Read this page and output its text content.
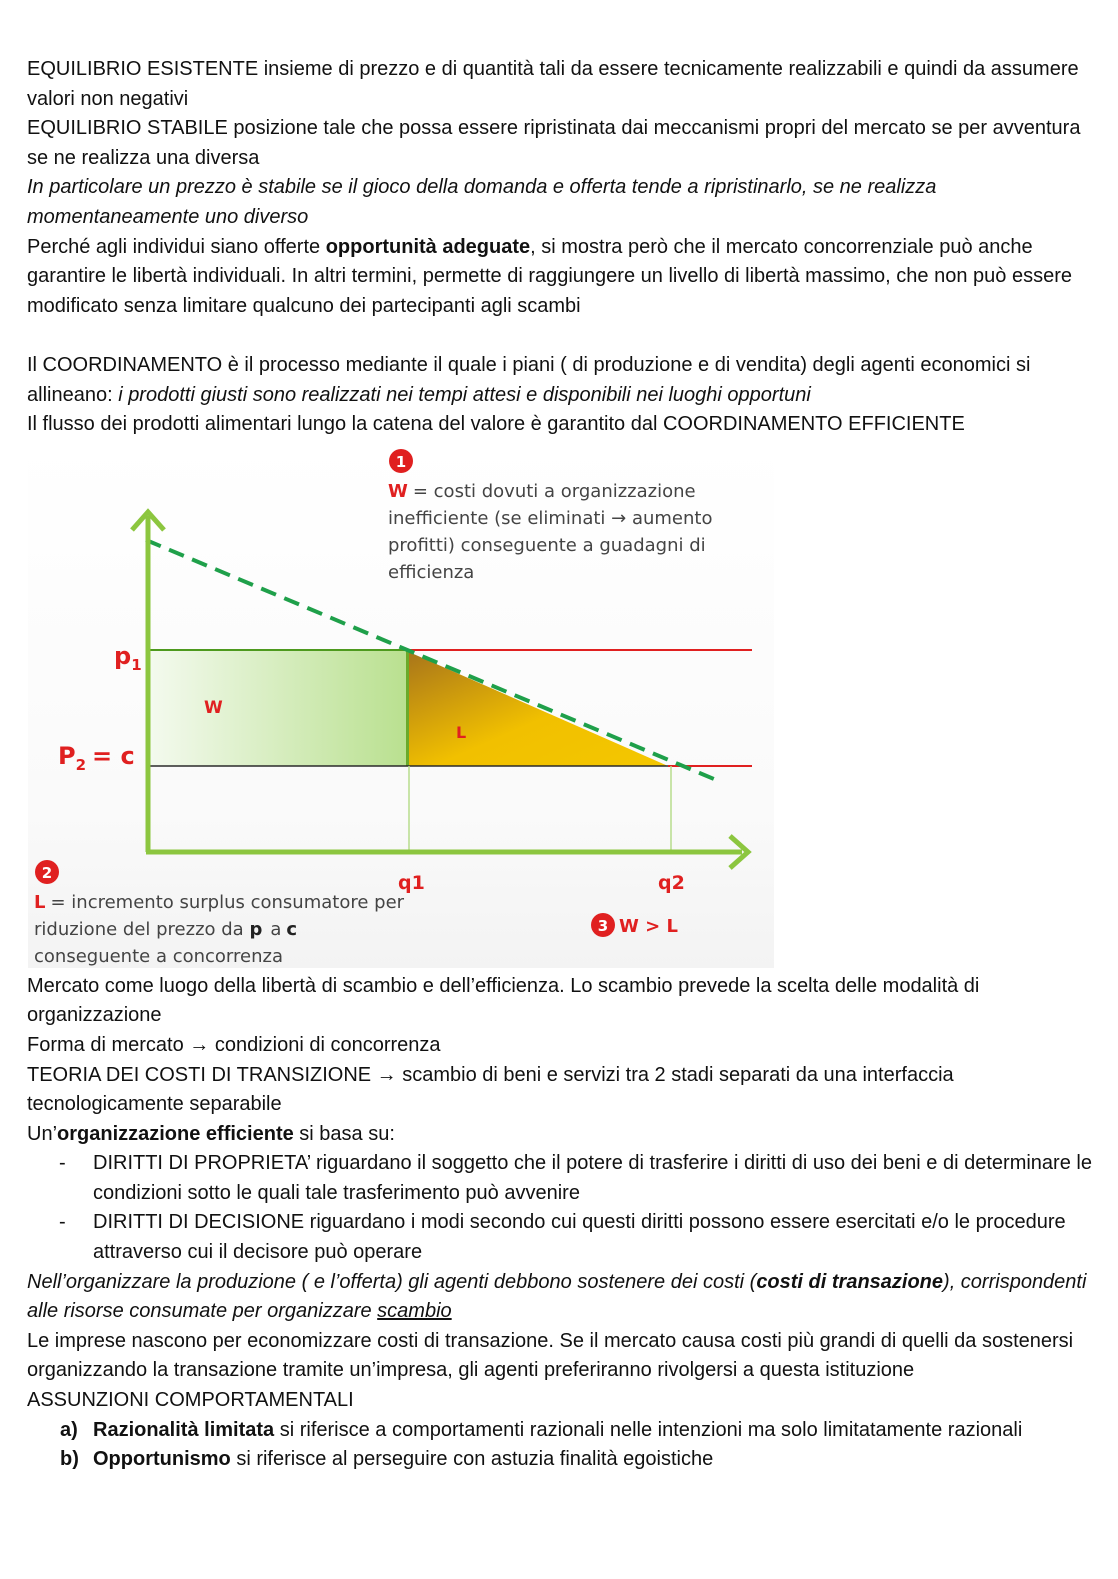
EQUILIBRIO ESISTENTE insieme di prezzo e di quantità tali da essere tecnicamente realizzabili e quindi da assumere valori non negativi

EQUILIBRIO STABILE posizione tale che possa essere ripristinata dai meccanismi propri del mercato se per avventura se ne realizza una diversa

In particolare un prezzo è stabile se il gioco della domanda e offerta tende a ripristinarlo, se ne realizza momentaneamente uno diverso

Perché agli individui siano offerte opportunità adeguate, si mostra però che il mercato concorrenziale può anche garantire le libertà individuali. In altri termini, permette di raggiungere un livello di libertà massimo, che non può essere modificato senza limitare qualcuno dei partecipanti agli scambi

Il COORDINAMENTO è il processo mediante il quale i piani ( di produzione e di vendita) degli agenti economici si allineano: i prodotti giusti sono realizzati nei tempi attesi e disponibili nei luoghi opportuni

Il flusso dei prodotti alimentari lungo la catena del valore è garantito dal COORDINAMENTO EFFICIENTE

$p_1$
$P_2 = c$
W
L
q1	q2
1
W = costi dovuti a organizzazione
inefficiente (se eliminati → aumento
profitti) conseguente a guadagni di
efficienza
2
L = incremento surplus consumatore per
riduzione del prezzo da p a c
conseguente a concorrenza
3 W > L

Mercato come luogo della libertà di scambio e dell’efficienza. Lo scambio prevede la scelta delle modalità di organizzazione

Forma di mercato → condizioni di concorrenza

TEORIA DEI COSTI DI TRANSIZIONE → scambio di beni e servizi tra 2 stadi separati da una interfaccia tecnologicamente separabile

Un’organizzazione efficiente si basa su:

- DIRITTI DI PROPRIETA’ riguardano il soggetto che il potere di trasferire i diritti di uso dei beni e di determinare le condizioni sotto le quali tale trasferimento può avvenire
- DIRITTI DI DECISIONE riguardano i modi secondo cui questi diritti possono essere esercitati e/o le procedure attraverso cui il decisore può operare

Nell’organizzare la produzione ( e l’offerta) gli agenti debbono sostenere dei costi (costi di transazione), corrispondenti alle risorse consumate per organizzare scambio

Le imprese nascono per economizzare costi di transazione. Se il mercato causa costi più grandi di quelli da sostenersi organizzando la transazione tramite un’impresa, gli agenti preferiranno rivolgersi a questa istituzione

ASSUNZIONI COMPORTAMENTALI

a) Razionalità limitata si riferisce a comportamenti razionali nelle intenzioni ma solo limitatamente razionali
b) Opportunismo si riferisce al perseguire con astuzia finalità egoistiche
